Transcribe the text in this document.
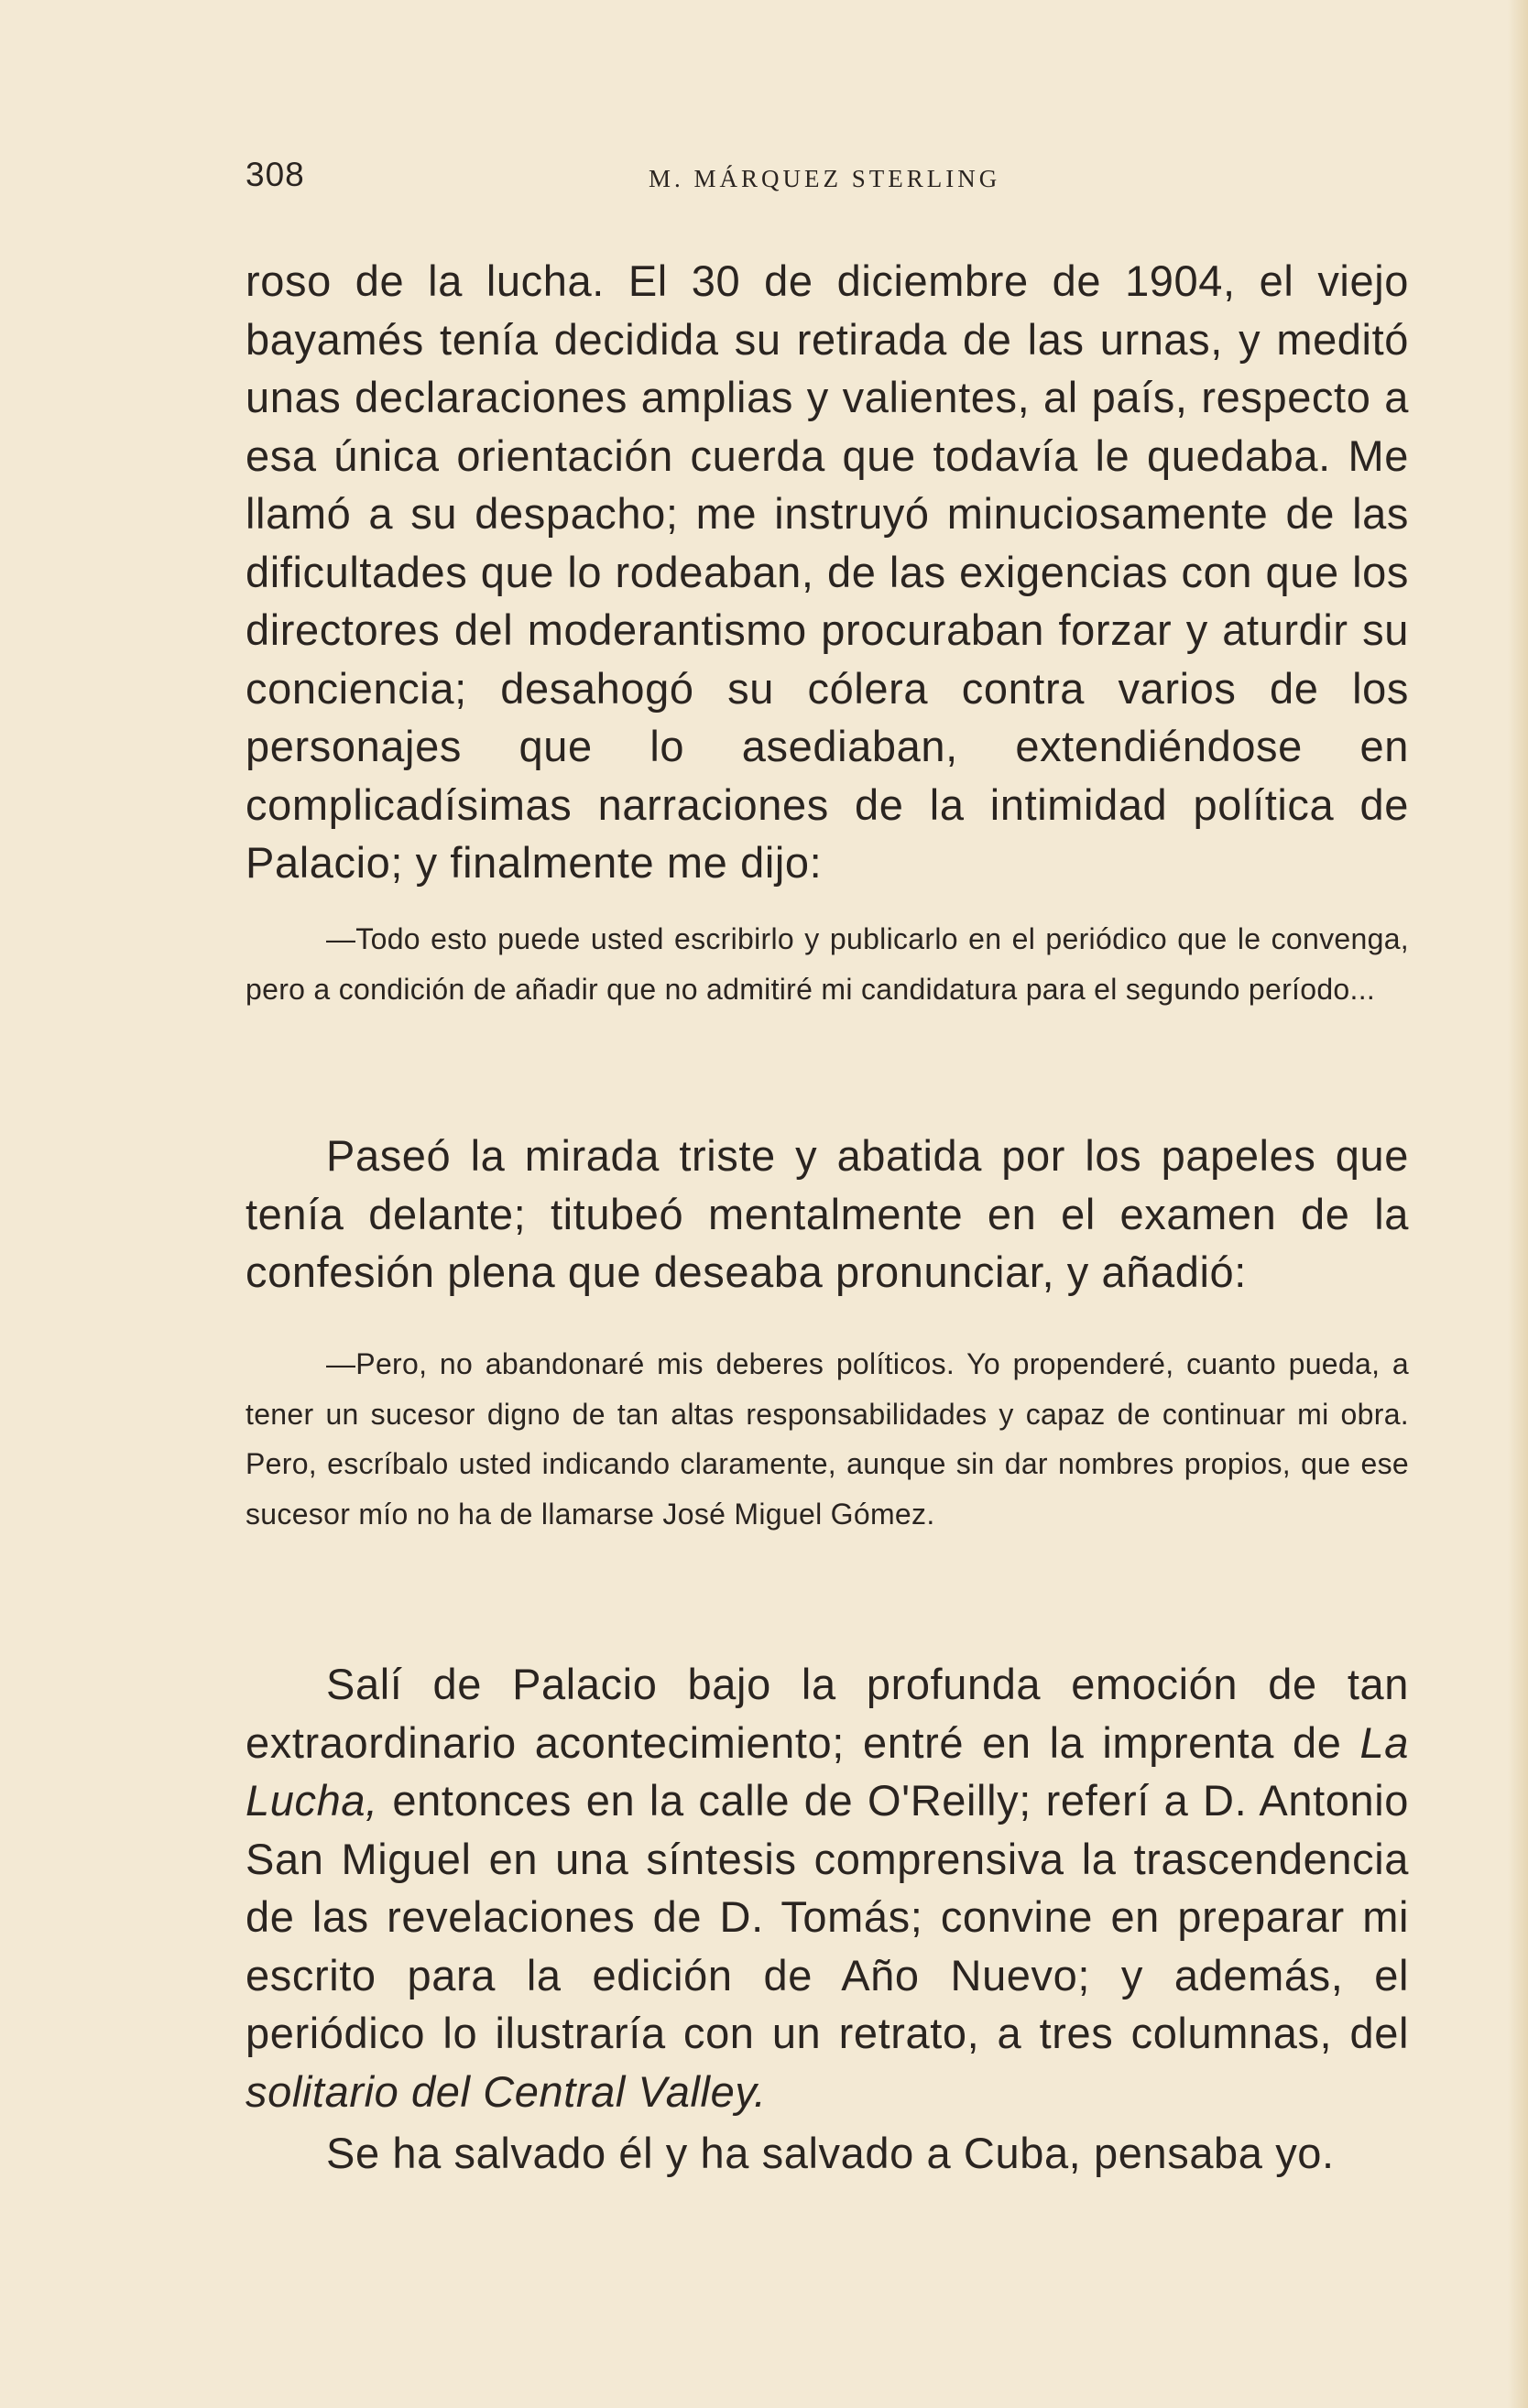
308	M. MÁRQUEZ STERLING

roso de la lucha. El 30 de diciembre de 1904, el viejo bayamés tenía decidida su retirada de las urnas, y meditó unas declaraciones amplias y valientes, al país, respecto a esa única orientación cuerda que todavía le quedaba. Me llamó a su despacho; me instruyó minuciosamente de las dificultades que lo rodeaban, de las exigencias con que los directores del moderantismo procuraban forzar y aturdir su conciencia; desahogó su cólera contra varios de los personajes que lo asediaban, extendiéndose en complicadísimas narraciones de la intimidad política de Palacio; y finalmente me dijo:

—Todo esto puede usted escribirlo y publicarlo en el periódico que le convenga, pero a condición de añadir que no admitiré mi candidatura para el segundo período...

Paseó la mirada triste y abatida por los papeles que tenía delante; titubeó mentalmente en el examen de la confesión plena que deseaba pronunciar, y añadió:

—Pero, no abandonaré mis deberes políticos. Yo propenderé, cuanto pueda, a tener un sucesor digno de tan altas responsabilidades y capaz de continuar mi obra. Pero, escríbalo usted indicando claramente, aunque sin dar nombres propios, que ese sucesor mío no ha de llamarse José Miguel Gómez.

Salí de Palacio bajo la profunda emoción de tan extraordinario acontecimiento; entré en la imprenta de La Lucha, entonces en la calle de O'Reilly; referí a D. Antonio San Miguel en una síntesis comprensiva la trascendencia de las revelaciones de D. Tomás; convine en preparar mi escrito para la edición de Año Nuevo; y además, el periódico lo ilustraría con un retrato, a tres columnas, del solitario del Central Valley.

Se ha salvado él y ha salvado a Cuba, pensaba yo.
